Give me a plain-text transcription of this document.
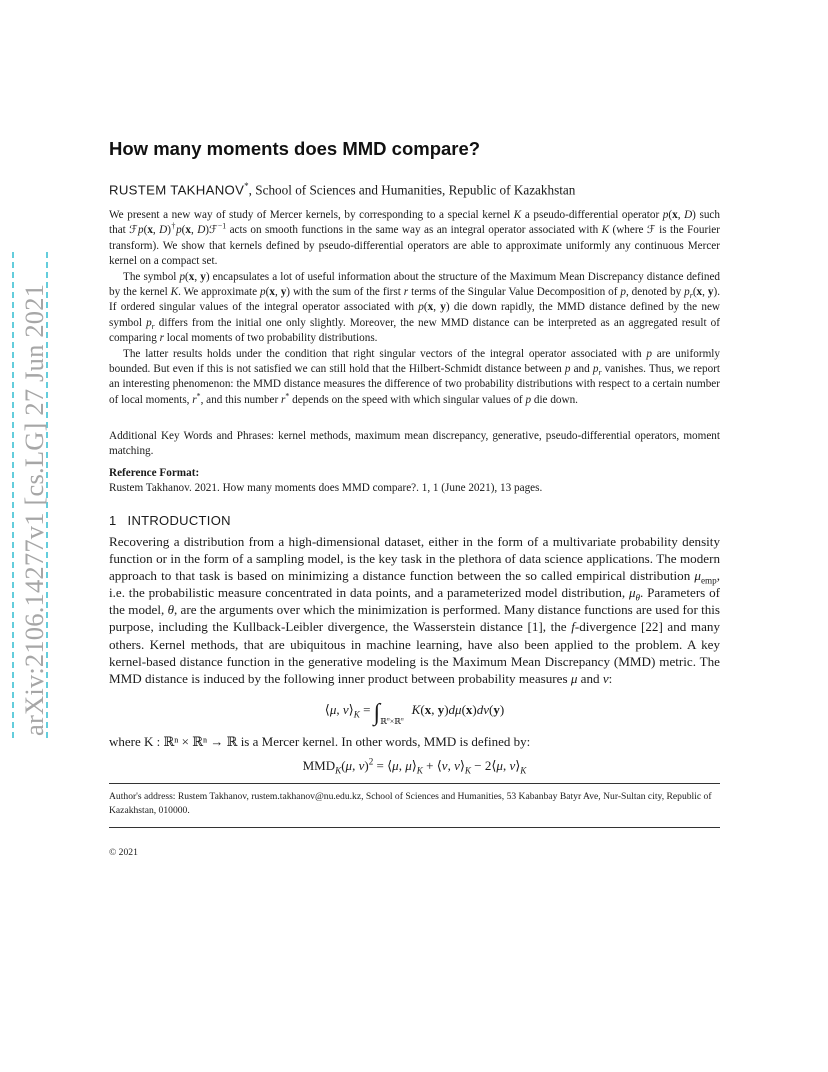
arXiv:2106.14277v1 [cs.LG] 27 Jun 2021
How many moments does MMD compare?
RUSTEM TAKHANOV*, School of Sciences and Humanities, Republic of Kazakhstan

We present a new way of study of Mercer kernels, by corresponding to a special kernel K a pseudo-differential operator p(x, D) such that ℱp(x, D)†p(x, D)ℱ$^{-1}$ acts on smooth functions in the same way as an integral operator associated with K (where ℱ is the Fourier transform). We show that kernels defined by pseudo-differential operators are able to approximate uniformly any continuous Mercer kernel on a compact set.

The symbol p(x, y) encapsulates a lot of useful information about the structure of the Maximum Mean Discrepancy distance defined by the kernel K. We approximate p(x, y) with the sum of the first r terms of the Singular Value Decomposition of p, denoted by $p_r(x$, y). If ordered singular values of the integral operator associated with p(x, y) die down rapidly, the MMD distance defined by the new symbol $p_r$ differs from the initial one only slightly. Moreover, the new MMD distance can be interpreted as an aggregated result of comparing r local moments of two probability distributions.

The latter results holds under the condition that right singular vectors of the integral operator associated with p are uniformly bounded. But even if this is not satisfied we can still hold that the Hilbert-Schmidt distance between p and $p_r$ vanishes. Thus, we report an interesting phenomenon: the MMD distance measures the difference of two probability distributions with respect to a certain number of local moments, r*, and this number r* depends on the speed with which singular values of p die down.

Additional Key Words and Phrases: kernel methods, maximum mean discrepancy, generative, pseudo-differential operators, moment matching.

Reference Format:
Rustem Takhanov. 2021. How many moments does MMD compare?. 1, 1 (June 2021), 13 pages.
1 INTRODUCTION

Recovering a distribution from a high-dimensional dataset, either in the form of a multivariate probability density function or in the form of a sampling model, is the key task in the plethora of data science applications. The modern approach to that task is based on minimizing a distance function between the so called empirical distribution $\mu_{emp}$, i.e. the probabilistic measure concentrated in data points, and a parameterized model distribution, $\mu_\theta$. Parameters of the model, θ, are the arguments over which the minimization is performed. Many distance functions are used for this purpose, including the Kullback-Leibler divergence, the Wasserstein distance [1], the f-divergence [22] and many others. Kernel methods, that are ubiquitous in machine learning, have also been applied to the problem. A key kernel-based distance function in the generative modeling is the Maximum Mean Discrepancy (MMD) metric. The MMD distance is induced by the following inner product between probability measures μ and ν:

⟨μ, $\nu⟩_K = \int_{ℝ^n\times ℝ^n}K(x$, y)dμ(x)dν(y)
where K : ℝⁿ × ℝⁿ → ℝ is a Mercer kernel. In other words, MMD is defined by:
$MMD_K(\mu$, ν)$^2$ = ⟨μ, $\mu⟩_K$ + ⟨ν, $\nu⟩_K$ − 2⟨μ, $\nu⟩_K$
Author's address: Rustem Takhanov, rustem.takhanov@nu.edu.kz, School of Sciences and Humanities, 53 Kabanbay Batyr Ave, Nur-Sultan city, Republic of Kazakhstan, 010000.
© 2021
